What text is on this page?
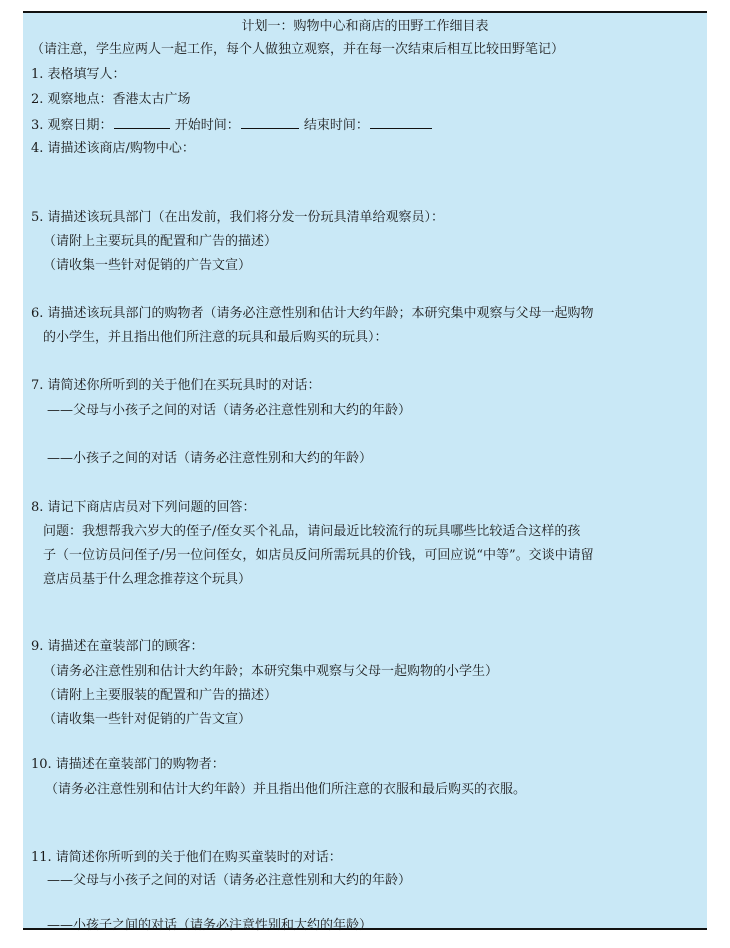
计划一：购物中心和商店的田野工作细目表
（请注意，学生应两人一起工作，每个人做独立观察，并在每一次结束后相互比较田野笔记）
1. 表格填写人：
2. 观察地点：香港太古广场
3. 观察日期：	开始时间：	结束时间：
4. 请描述该商店/购物中心：
5. 请描述该玩具部门（在出发前，我们将分发一份玩具清单给观察员）：
（请附上主要玩具的配置和广告的描述）
（请收集一些针对促销的广告文宣）
6. 请描述该玩具部门的购物者（请务必注意性别和估计大约年龄；本研究集中观察与父母一起购物
的小学生，并且指出他们所注意的玩具和最后购买的玩具）：
7. 请简述你所听到的关于他们在买玩具时的对话：
——父母与小孩子之间的对话（请务必注意性别和大约的年龄）
——小孩子之间的对话（请务必注意性别和大约的年龄）
8. 请记下商店店员对下列问题的回答：
问题：我想帮我六岁大的侄子/侄女买个礼品，请问最近比较流行的玩具哪些比较适合这样的孩
子（一位访员问侄子/另一位问侄女，如店员反问所需玩具的价钱，可回应说“中等”。交谈中请留
意店员基于什么理念推荐这个玩具）
9. 请描述在童装部门的顾客：
（请务必注意性别和估计大约年龄；本研究集中观察与父母一起购物的小学生）
（请附上主要服装的配置和广告的描述）
（请收集一些针对促销的广告文宣）
10. 请描述在童装部门的购物者：
（请务必注意性别和估计大约年龄）并且指出他们所注意的衣服和最后购买的衣服。
11. 请简述你所听到的关于他们在购买童装时的对话：
——父母与小孩子之间的对话（请务必注意性别和大约的年龄）
——小孩子之间的对话（请务必注意性别和大约的年龄）
